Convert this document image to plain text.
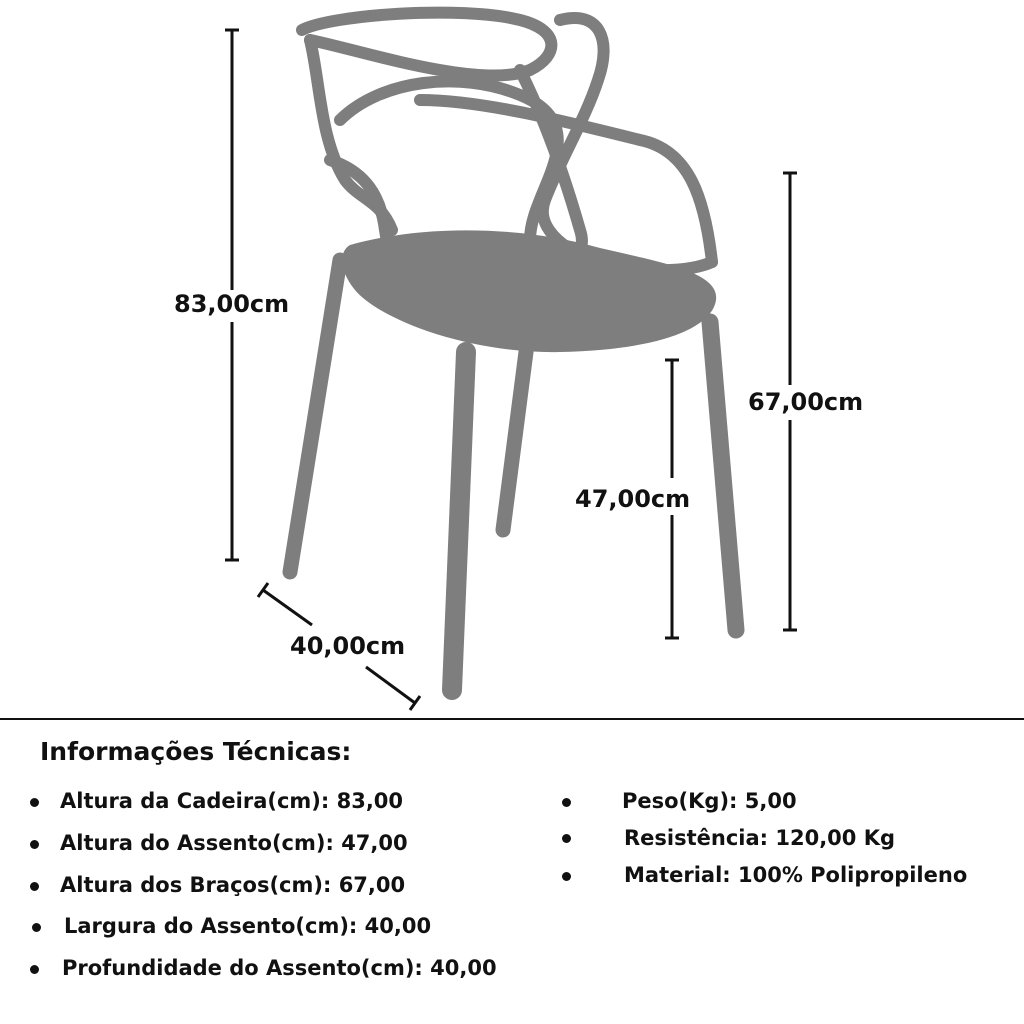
83,00cm
67,00cm
47,00cm
40,00cm
Informações Técnicas:
Altura da Cadeira(cm): 83,00
Altura do Assento(cm): 47,00
Altura dos Braços(cm): 67,00
Largura do Assento(cm): 40,00
Profundidade do Assento(cm): 40,00
Peso(Kg): 5,00
Resistência: 120,00 Kg
Material: 100% Polipropileno
